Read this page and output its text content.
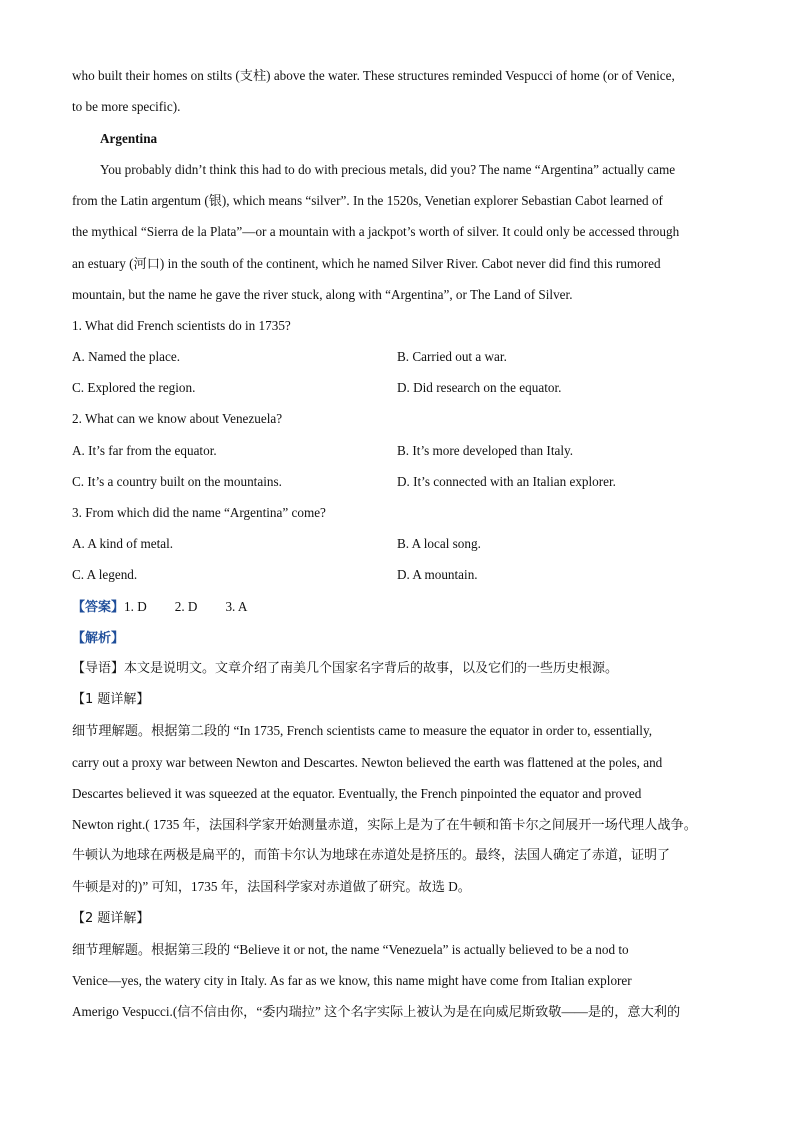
who built their homes on stilts (支柱) above the water. These structures reminded Vespucci of home (or of Venice,
to be more specific).
Argentina
You probably didn’t think this had to do with precious metals, did you? The name “Argentina” actually came
from the Latin argentum (银), which means “silver”. In the 1520s, Venetian explorer Sebastian Cabot learned of
the mythical “Sierra de la Plata”—or a mountain with a jackpot’s worth of silver. It could only be accessed through
an estuary (河口) in the south of the continent, which he named Silver River. Cabot never did find this rumored
mountain, but the name he gave the river stuck, along with “Argentina”, or The Land of Silver.
1. What did French scientists do in 1735?
A. Named the place.	B. Carried out a war.
C. Explored the region.	D. Did research on the equator.
2. What can we know about Venezuela?
A. It’s far from the equator.	B. It’s more developed than Italy.
C. It’s a country built on the mountains.	D. It’s connected with an Italian explorer.
3. From which did the name “Argentina” come?
A. A kind of metal.	B. A local song.
C. A legend.	D. A mountain.
【答案】1. D 2. D 3. A
【解析】
【导语】本文是说明文。文章介绍了南美几个国家名字背后的故事，以及它们的一些历史根源。
【1 题详解】
细节理解题。根据第二段的 “In 1735, French scientists came to measure the equator in order to, essentially,
carry out a proxy war between Newton and Descartes. Newton believed the earth was flattened at the poles, and
Descartes believed it was squeezed at the equator. Eventually, the French pinpointed the equator and proved
Newton right.( 1735 年，法国科学家开始测量赤道，实际上是为了在牛顿和笛卡尔之间展开一场代理人战争。
牛顿认为地球在两极是扁平的，而笛卡尔认为地球在赤道处是挤压的。最终，法国人确定了赤道，证明了
牛顿是对的)” 可知，1735 年，法国科学家对赤道做了研究。故选 D。
【2 题详解】
细节理解题。根据第三段的 “Believe it or not, the name “Venezuela” is actually believed to be a nod to
Venice—yes, the watery city in Italy. As far as we know, this name might have come from Italian explorer
Amerigo Vespucci.(信不信由你，“委内瑞拉” 这个名字实际上被认为是在向威尼斯致敬——是的，意大利的
